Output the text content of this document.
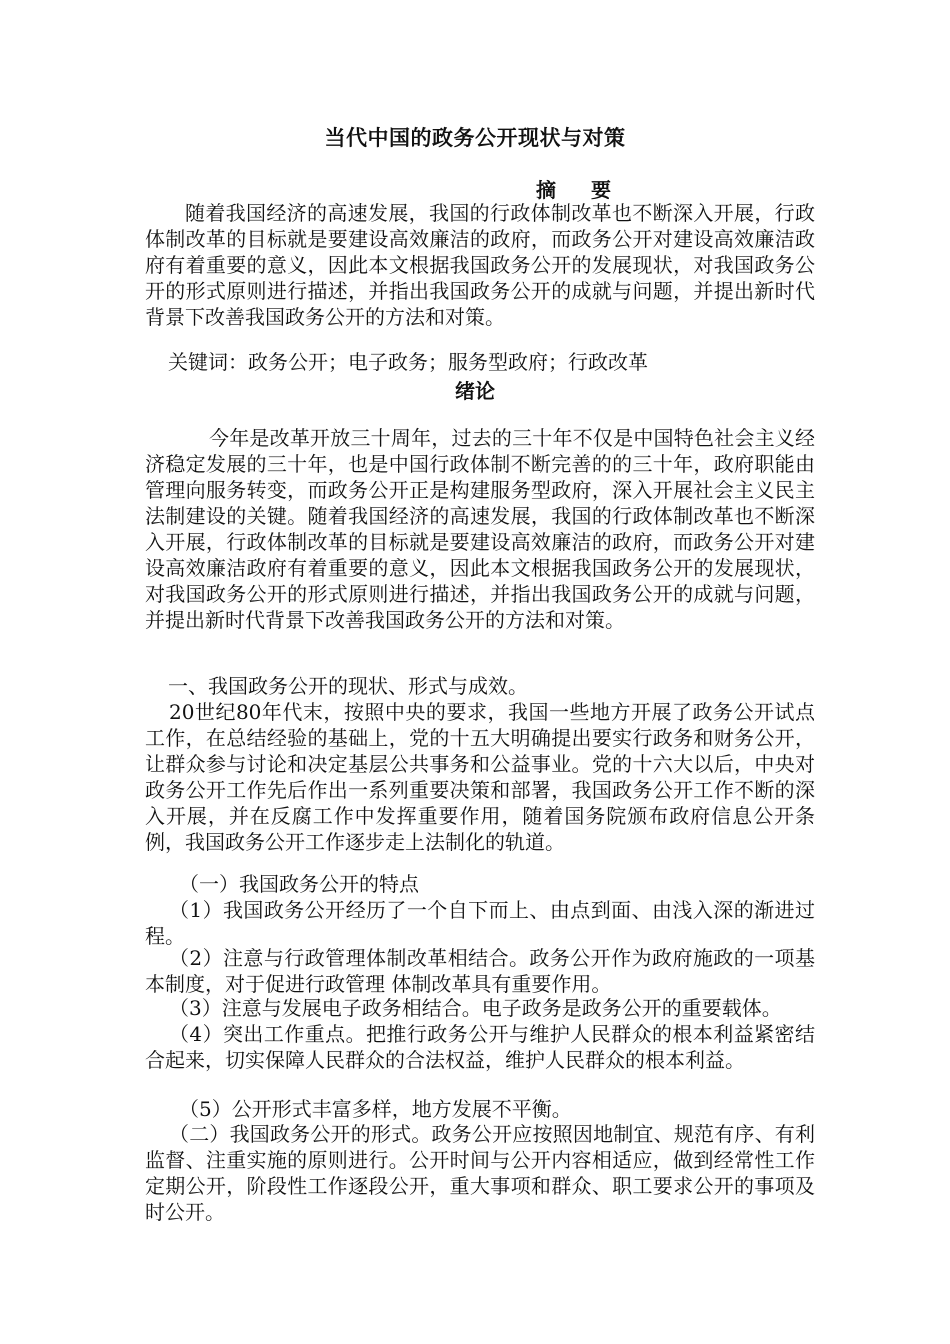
当代中国的政务公开现状与对策
摘 要
随着我国经济的高速发展，我国的行政体制改革也不断深入开展，行政体制改革的目标就是要建设高效廉洁的政府，而政务公开对建设高效廉洁政府有着重要的意义，因此本文根据我国政务公开的发展现状，对我国政务公开的形式原则进行描述，并指出我国政务公开的成就与问题，并提出新时代背景下改善我国政务公开的方法和对策。
关键词：政务公开；电子政务；服务型政府；行政改革
绪论
今年是改革开放三十周年，过去的三十年不仅是中国特色社会主义经济稳定发展的三十年，也是中国行政体制不断完善的的三十年，政府职能由管理向服务转变，而政务公开正是构建服务型政府，深入开展社会主义民主法制建设的关键。随着我国经济的高速发展，我国的行政体制改革也不断深入开展，行政体制改革的目标就是要建设高效廉洁的政府，而政务公开对建设高效廉洁政府有着重要的意义，因此本文根据我国政务公开的发展现状，对我国政务公开的形式原则进行描述，并指出我国政务公开的成就与问题，并提出新时代背景下改善我国政务公开的方法和对策。
一、我国政务公开的现状、形式与成效。
20世纪80年代末，按照中央的要求，我国一些地方开展了政务公开试点工作，在总结经验的基础上，党的十五大明确提出要实行政务和财务公开，让群众参与讨论和决定基层公共事务和公益事业。党的十六大以后，中央对政务公开工作先后作出一系列重要决策和部署，我国政务公开工作不断的深入开展，并在反腐工作中发挥重要作用，随着国务院颁布政府信息公开条例，我国政务公开工作逐步走上法制化的轨道。
（一）我国政务公开的特点
（1）我国政务公开经历了一个自下而上、由点到面、由浅入深的渐进过程。
（2）注意与行政管理体制改革相结合。政务公开作为政府施政的一项基本制度，对于促进行政管理 体制改革具有重要作用。
（3）注意与发展电子政务相结合。电子政务是政务公开的重要载体。
（4）突出工作重点。把推行政务公开与维护人民群众的根本利益紧密结合起来，切实保障人民群众的合法权益，维护人民群众的根本利益。
（5）公开形式丰富多样，地方发展不平衡。
（二）我国政务公开的形式。政务公开应按照因地制宜、规范有序、有利监督、注重实施的原则进行。公开时间与公开内容相适应，做到经常性工作定期公开，阶段性工作逐段公开，重大事项和群众、职工要求公开的事项及时公开。
